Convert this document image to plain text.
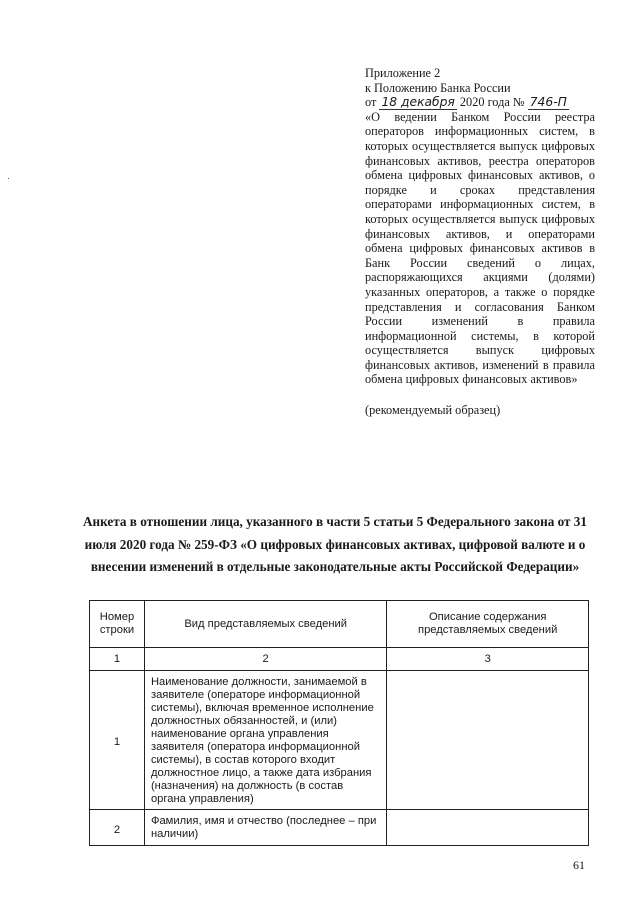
Приложение 2
к Положению Банка России
от 18 декабря 2020 года № 746-П
«О ведении Банком России реестра операторов информационных систем, в которых осуществляется выпуск цифровых финансовых активов, реестра операторов обмена цифровых финансовых активов, о порядке и сроках представления операторами информационных систем, в которых осуществляется выпуск цифровых финансовых активов, и операторами обмена цифровых финансовых активов в Банк России сведений о лицах, распоряжающихся акциями (долями) указанных операторов, а также о порядке представления и согласования Банком России изменений в правила информационной системы, в которой осуществляется выпуск цифровых финансовых активов, изменений в правила обмена цифровых финансовых активов»
(рекомендуемый образец)
Анкета в отношении лица, указанного в части 5 статьи 5 Федерального закона от 31 июля 2020 года № 259-ФЗ «О цифровых финансовых активах, цифровой валюте и о внесении изменений в отдельные законодательные акты Российской Федерации»
Номер строки	Вид представляемых сведений	Описание содержания представляемых сведений
1	2	3
1	Наименование должности, занимаемой в заявителе (операторе информационной системы), включая временное исполнение должностных обязанностей, и (или) наименование органа управления заявителя (оператора информационной системы), в состав которого входит должностное лицо, а также дата избрания (назначения) на должность (в состав органа управления)	
2	Фамилия, имя и отчество (последнее – при наличии)	
61
